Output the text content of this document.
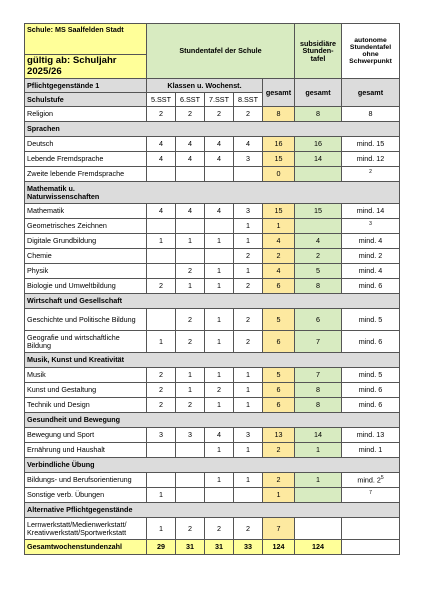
Schule: MS Saalfelden Stadt	Stundentafel der Schule					subsidiäre Stunden-tafel	autonome Stundentafel ohne Schwerpunkt
gültig ab: Schuljahr 2025/26							
Pflichtgegenstände 1	Klassen u. Wochenst.				gesamt	gesamt	gesamt
Schulstufe	5.SST	6.SST	7.SST	8.SST			
Religion	2	2	2	2	8	8	8

Sprachen							

Deutsch	4	4	4	4	16	16	mind. 15
Lebende Fremdsprache	4	4	4	3	15	14	mind. 12
Zweite lebende Fremdsprache					0		$^2$

Mathematik u. Naturwissenschaften							

Mathematik	4	4	4	3	15	15	mind. 14
Geometrisches Zeichnen				1	1		$^3$
Digitale Grundbildung	1	1	1	1	4	4	mind. 4
Chemie				2	2	2	mind. 2
Physik		2	1	1	4	5	mind. 4
Biologie und Umweltbildung	2	1	1	2	6	8	mind. 6

Wirtschaft und Gesellschaft							

Geschichte und Politische Bildung		2	1	2	5	6	mind. 5
Geografie und wirtschaftliche Bildung	1	2	1	2	6	7	mind. 6

Musik, Kunst und Kreativität							

Musik	2	1	1	1	5	7	mind. 5
Kunst und Gestaltung	2	1	2	1	6	8	mind. 6
Technik und Design	2	2	1	1	6	8	mind. 6

Gesundheit und Bewegung							

Bewegung und Sport	3	3	4	3	13	14	mind. 13
Ernährung und Haushalt			1	1	2	1	mind. 1

Verbindliche Übung							

Bildungs- und Berufsorientierung			1	1	2	1	mind. $2^5$
Sonstige verb. Übungen	1				1		$^7$

Alternative Pflichtgegenstände							

Lernwerkstatt/Medienwerkstatt/ Kreativwerkstatt/Sportwerkstatt	1	2	2	2	7		
Gesamtwochenstundenzahl	29	31	31	33	124	124	
